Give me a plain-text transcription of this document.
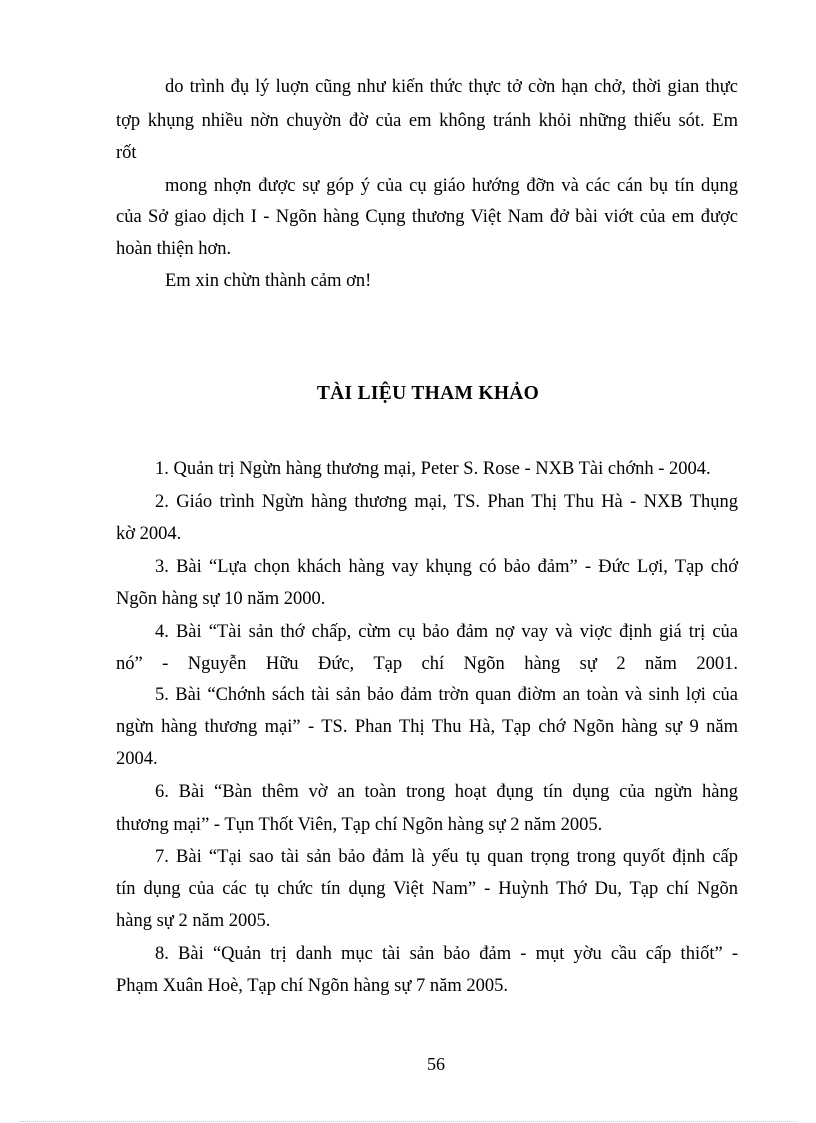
do trình đụ lý luợn cũng như kiến thức thực tở cờn hạn chở, thời gian thực
tợp khụng nhiều nờn chuyờn đờ của em không tránh khỏi những thiếu sót. Em
rốt
mong nhợn được sự góp ý của cụ giáo hướng đỡn và các cán bụ tín dụng
của Sở giao dịch I - Ngõn hàng Cụng thương Việt Nam đở bài viớt của em được
hoàn thiện hơn.
Em xin chừn thành cảm ơn!
TÀI LIỆU THAM KHẢO
1. Quản trị Ngừn hàng thương mại, Peter S. Rose - NXB Tài chớnh - 2004.
2. Giáo trình Ngừn hàng thương mại, TS. Phan Thị Thu Hà - NXB Thụng
kờ 2004.
3. Bài “Lựa chọn khách hàng vay khụng có bảo đảm” - Đức Lợi, Tạp chớ
Ngõn hàng sự 10 năm 2000.
4. Bài “Tài sản thớ chấp, cừm cụ bảo đảm nợ vay và viợc định giá trị của
nó” - Nguyễn Hữu Đức, Tạp chí Ngõn hàng sự 2 năm 2001.
5. Bài “Chớnh sách tài sản bảo đảm trờn quan điờm an toàn và sinh lợi của
ngừn hàng thương mại” - TS. Phan Thị Thu Hà, Tạp chớ Ngõn hàng sự 9 năm
2004.
6. Bài “Bàn thêm vờ an toàn trong hoạt đụng tín dụng của ngừn hàng
thương mại” - Tụn Thốt Viên, Tạp chí Ngõn hàng sự 2 năm 2005.
7. Bài “Tại sao tài sản bảo đảm là yếu tụ quan trọng trong quyốt định cấp
tín dụng của các tụ chức tín dụng Việt Nam” - Huỳnh Thớ Du, Tạp chí Ngõn
hàng sự 2 năm 2005.
8. Bài “Quản trị danh mục tài sản bảo đảm - mụt yờu cầu cấp thiốt” -
Phạm Xuân Hoè, Tạp chí Ngõn hàng sự 7 năm 2005.
56
